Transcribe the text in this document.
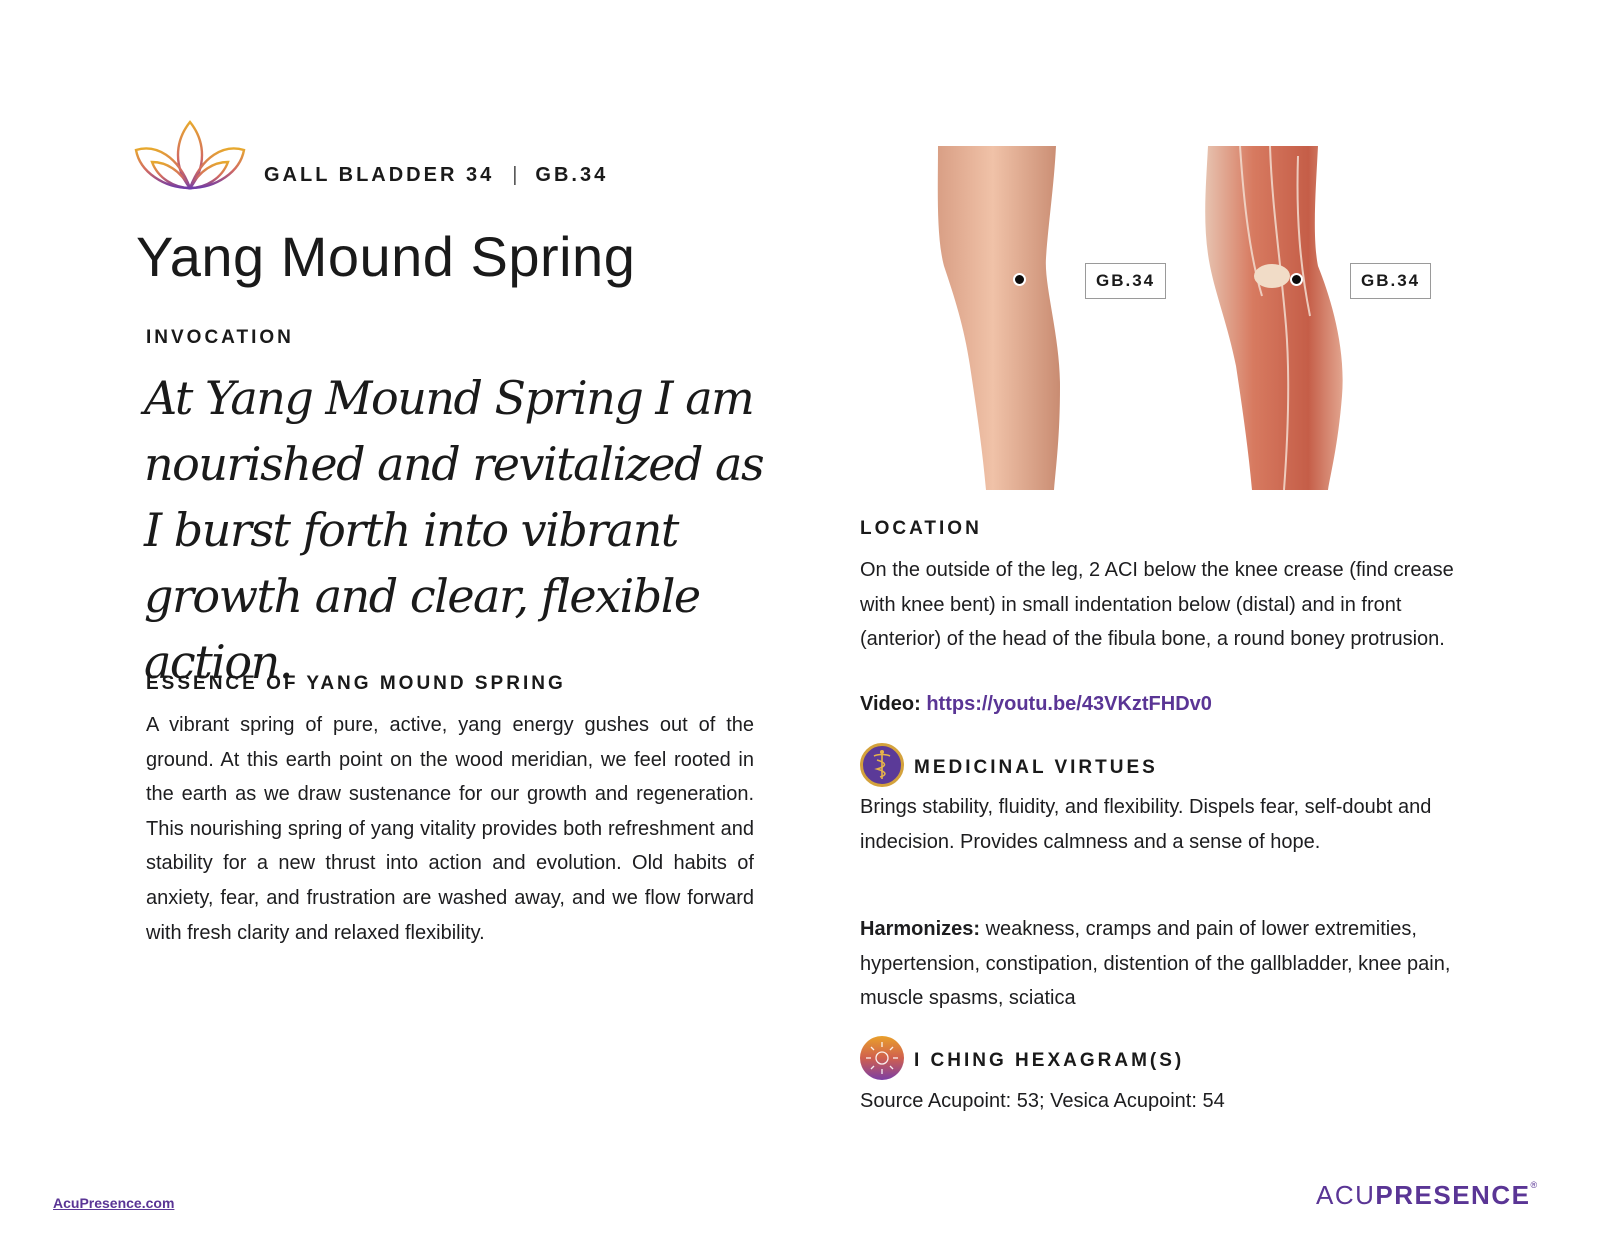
GALL BLADDER 34 | GB.34
Yang Mound Spring
INVOCATION
At Yang Mound Spring I am nourished and revitalized as I burst forth into vibrant growth and clear, flexible action.
ESSENCE OF YANG MOUND SPRING
A vibrant spring of pure, active, yang energy gushes out of the ground. At this earth point on the wood meridian, we feel rooted in the earth as we draw sustenance for our growth and regeneration. This nourishing spring of yang vitality provides both refreshment and stability for a new thrust into action and evolution. Old habits of anxiety, fear, and frustration are washed away, and we flow forward with fresh clarity and relaxed flexibility.
GB.34	GB.34
LOCATION
On the outside of the leg, 2 ACI below the knee crease (find crease with knee bent) in small indentation below (distal) and in front (anterior) of the head of the fibula bone, a round boney protrusion.
Video: https://youtu.be/43VKztFHDv0
MEDICINAL VIRTUES
Brings stability, fluidity, and flexibility. Dispels fear, self-doubt and indecision. Provides calmness and a sense of hope.
Harmonizes: weakness, cramps and pain of lower extremities, hypertension, constipation, distention of the gallbladder, knee pain, muscle spasms, sciatica
I CHING HEXAGRAM(S)
Source Acupoint: 53; Vesica Acupoint: 54
AcuPresence.com	ACUPRESENCE®
